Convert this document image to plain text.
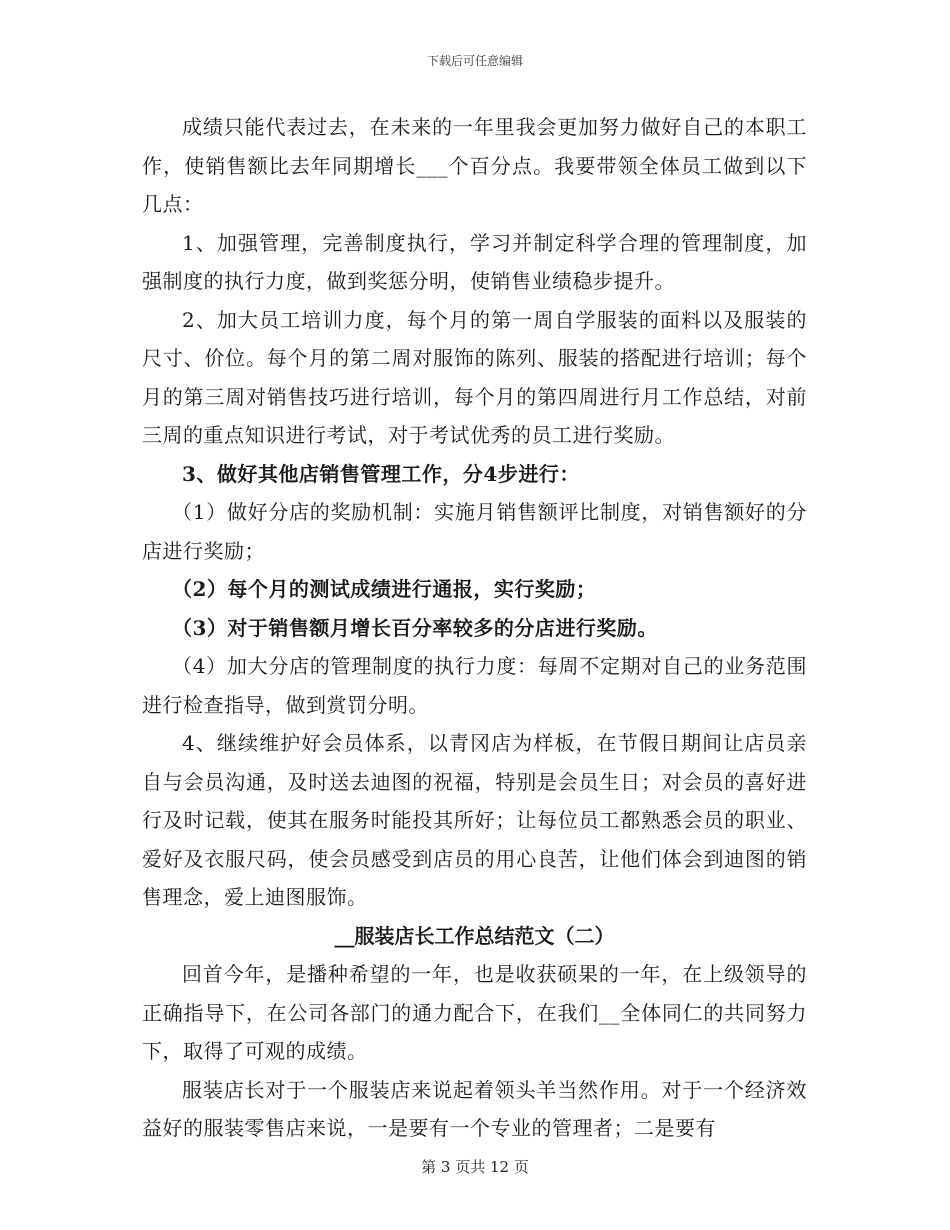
下载后可任意编辑

成绩只能代表过去，在未来的一年里我会更加努力做好自己的本职工作，使销售额比去年同期增长___个百分点。我要带领全体员工做到以下几点：

1、加强管理，完善制度执行，学习并制定科学合理的管理制度，加强制度的执行力度，做到奖惩分明，使销售业绩稳步提升。

2、加大员工培训力度，每个月的第一周自学服装的面料以及服装的尺寸、价位。每个月的第二周对服饰的陈列、服装的搭配进行培训；每个月的第三周对销售技巧进行培训，每个月的第四周进行月工作总结，对前三周的重点知识进行考试，对于考试优秀的员工进行奖励。

3、做好其他店销售管理工作，分4步进行：

（1）做好分店的奖励机制：实施月销售额评比制度，对销售额好的分店进行奖励；

（2）每个月的测试成绩进行通报，实行奖励；

（3）对于销售额月增长百分率较多的分店进行奖励。

（4）加大分店的管理制度的执行力度：每周不定期对自己的业务范围进行检查指导，做到赏罚分明。

4、继续维护好会员体系，以青冈店为样板，在节假日期间让店员亲自与会员沟通，及时送去迪图的祝福，特别是会员生日；对会员的喜好进行及时记载，使其在服务时能投其所好；让每位员工都熟悉会员的职业、爱好及衣服尺码，使会员感受到店员的用心良苦，让他们体会到迪图的销售理念，爱上迪图服饰。

__服装店长工作总结范文（二）

回首今年，是播种希望的一年，也是收获硕果的一年，在上级领导的正确指导下，在公司各部门的通力配合下，在我们__全体同仁的共同努力下，取得了可观的成绩。

服装店长对于一个服装店来说起着领头羊当然作用。对于一个经济效益好的服装零售店来说，一是要有一个专业的管理者；二是要有

第 3 页共 12 页
